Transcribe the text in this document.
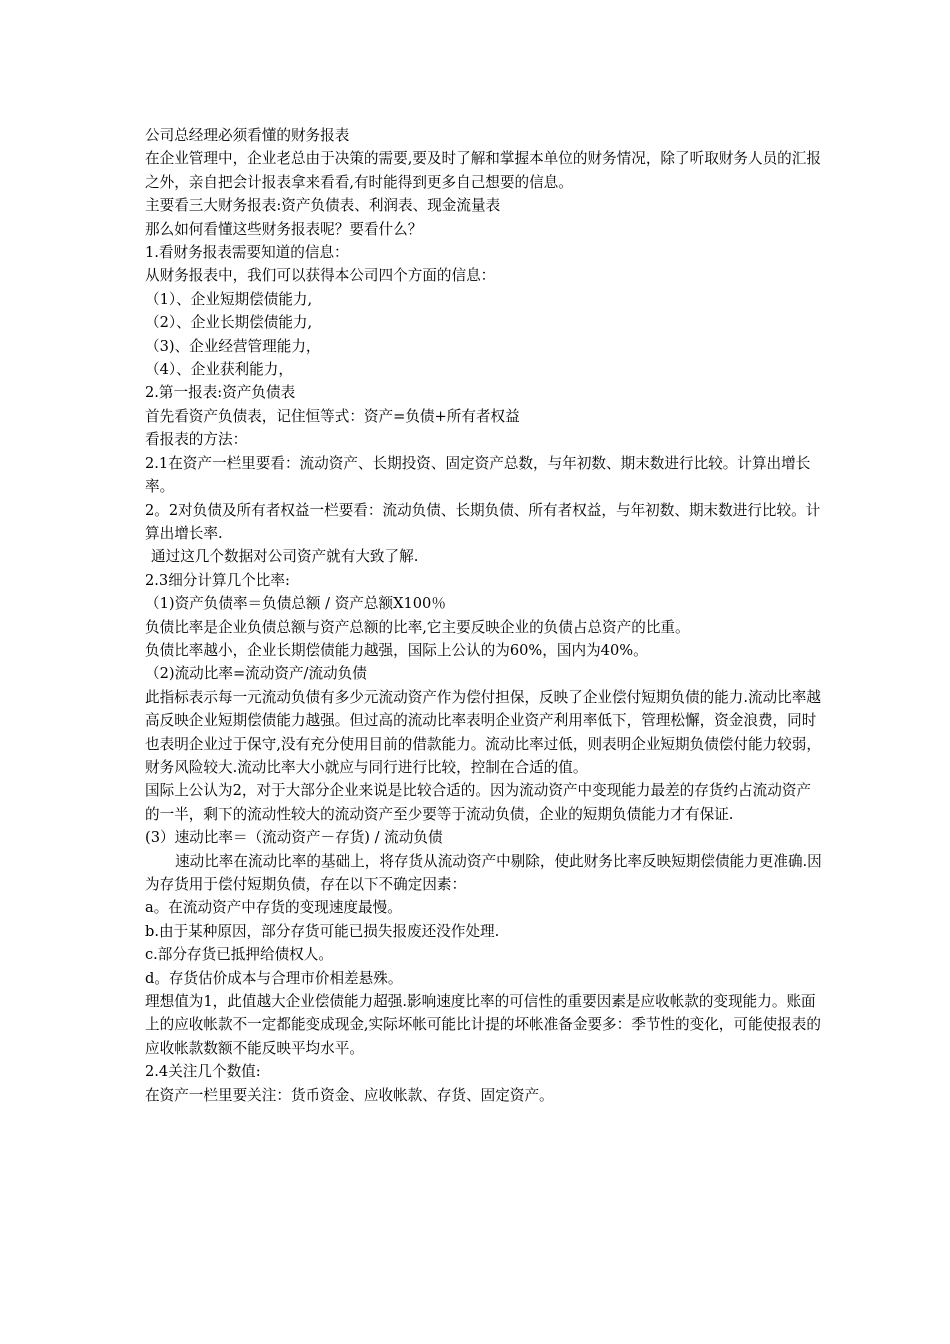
公司总经理必须看懂的财务报表

在企业管理中，企业老总由于决策的需要,要及时了解和掌握本单位的财务情况，除了听取财务人员的汇报之外，亲自把会计报表拿来看看,有时能得到更多自己想要的信息。

主要看三大财务报表:资产负债表、利润表、现金流量表

那么如何看懂这些财务报表呢？要看什么？

1.看财务报表需要知道的信息：

从财务报表中，我们可以获得本公司四个方面的信息：

（1）、企业短期偿债能力,

（2）、企业长期偿债能力,

（3)、企业经营管理能力，

（4）、企业获利能力，

2.第一报表:资产负债表

首先看资产负债表，记住恒等式：资产=负债+所有者权益

看报表的方法：

2.1在资产一栏里要看：流动资产、长期投资、固定资产总数，与年初数、期末数进行比较。计算出增长率。

2。2对负债及所有者权益一栏要看：流动负债、长期负债、所有者权益，与年初数、期末数进行比较。计算出增长率.

通过这几个数据对公司资产就有大致了解.

2.3细分计算几个比率:

（1)资产负债率＝负债总额 / 资产总额X100％

负债比率是企业负债总额与资产总额的比率,它主要反映企业的负债占总资产的比重。

负债比率越小，企业长期偿债能力越强，国际上公认的为60%，国内为40%。

（2)流动比率=流动资产/流动负债

此指标表示每一元流动负债有多少元流动资产作为偿付担保，反映了企业偿付短期负债的能力.流动比率越高反映企业短期偿债能力越强。但过高的流动比率表明企业资产利用率低下，管理松懈，资金浪费，同时也表明企业过于保守,没有充分使用目前的借款能力。流动比率过低，则表明企业短期负债偿付能力较弱，财务风险较大.流动比率大小就应与同行进行比较，控制在合适的值。

国际上公认为2，对于大部分企业来说是比较合适的。因为流动资产中变现能力最差的存货约占流动资产的一半，剩下的流动性较大的流动资产至少要等于流动负债，企业的短期负债能力才有保证.

(3）速动比率＝（流动资产－存货) / 流动负债

速动比率在流动比率的基础上，将存货从流动资产中剔除，使此财务比率反映短期偿债能力更准确.因为存货用于偿付短期负债，存在以下不确定因素：

a。在流动资产中存货的变现速度最慢。

b.由于某种原因，部分存货可能已损失报废还没作处理.

c.部分存货已抵押给债权人。

d。存货估价成本与合理市价相差悬殊。

理想值为1，此值越大企业偿债能力超强.影响速度比率的可信性的重要因素是应收帐款的变现能力。账面上的应收帐款不一定都能变成现金,实际坏帐可能比计提的坏帐准备金要多：季节性的变化，可能使报表的应收帐款数额不能反映平均水平。

2.4关注几个数值:

在资产一栏里要关注：货币资金、应收帐款、存货、固定资产。
